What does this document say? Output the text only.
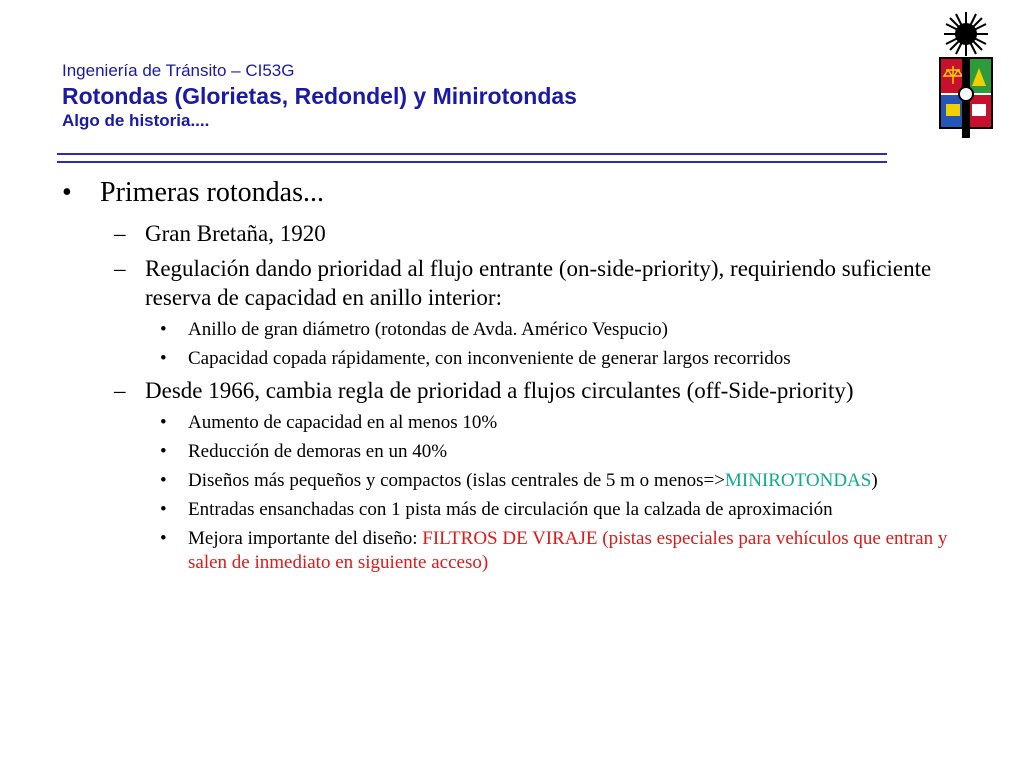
Ingeniería de Tránsito – CI53G
Rotondas (Glorietas, Redondel) y Minirotondas
Algo de historia....
•	Primeras rotondas...
– Gran Bretaña, 1920
– Regulación dando prioridad al flujo entrante (on-side-priority), requiriendo suficiente reserva de capacidad en anillo interior:
•	Anillo de gran diámetro (rotondas de Avda. Américo Vespucio)
•	Capacidad copada rápidamente, con inconveniente de generar largos recorridos
– Desde 1966, cambia regla de prioridad a flujos circulantes (off-Side-priority)
•	Aumento de capacidad en al menos 10%
•	Reducción de demoras en un 40%
•	Diseños más pequeños y compactos (islas centrales de 5 m o menos=>MINIROTONDAS)
•	Entradas ensanchadas con 1 pista más de circulación que la calzada de aproximación
•	Mejora importante del diseño: FILTROS DE VIRAJE (pistas especiales para vehículos que entran y salen de inmediato en siguiente acceso)
